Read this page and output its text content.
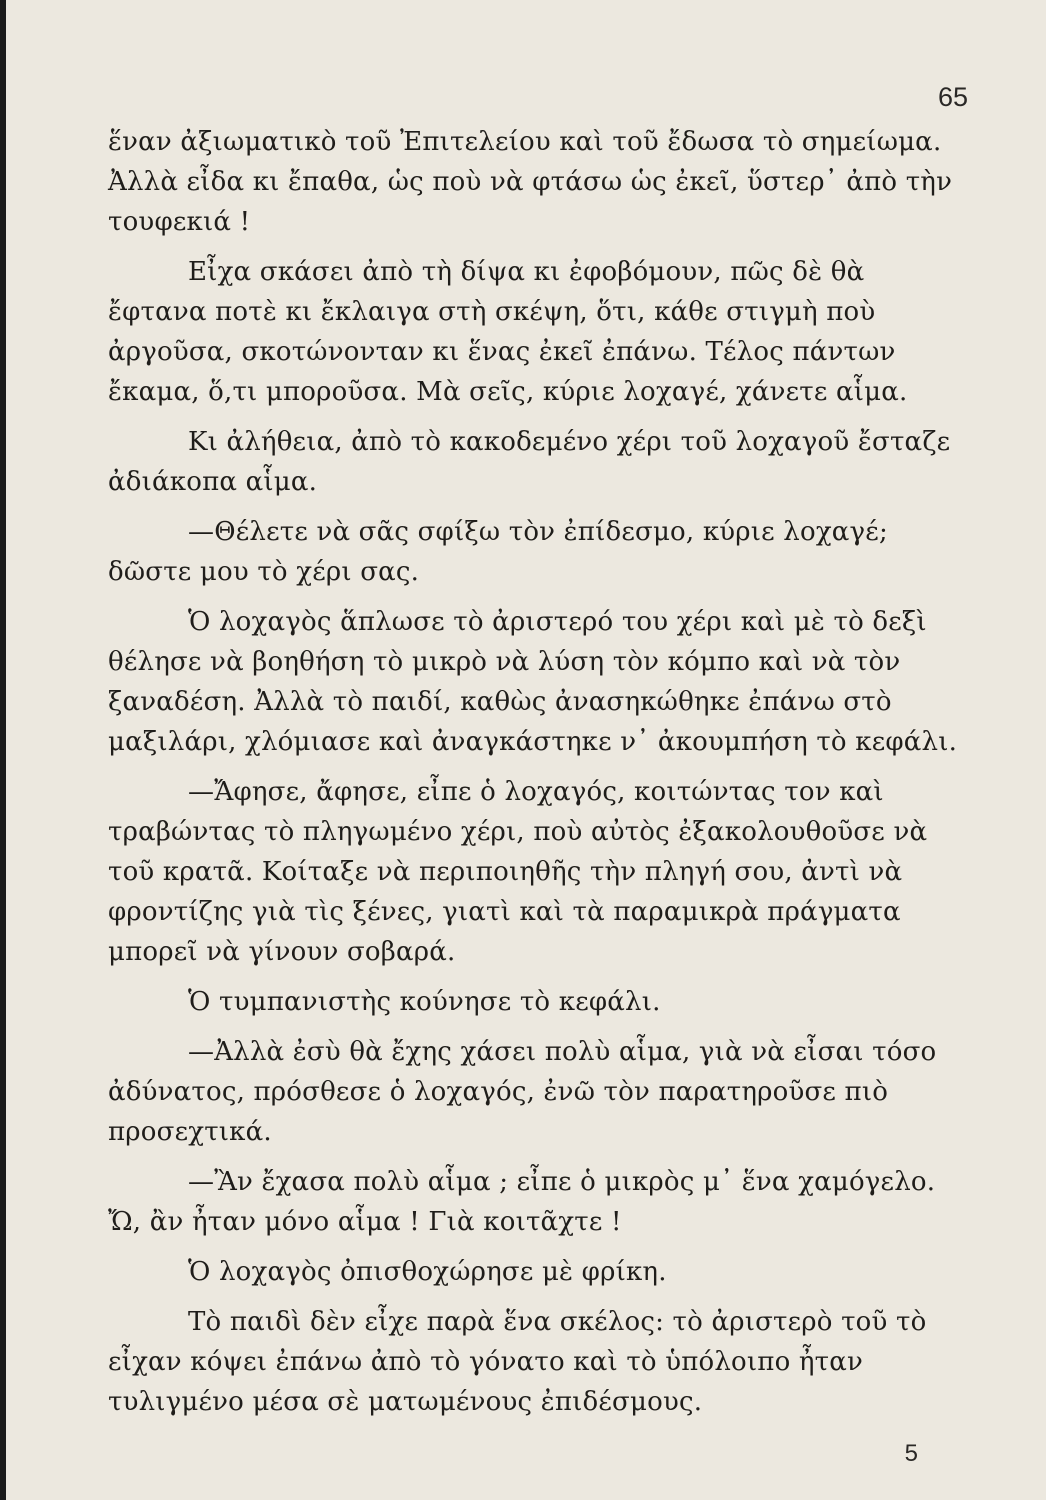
65

ἕναν ἀξιωματικὸ τοῦ Ἐπιτελείου καὶ τοῦ ἔδωσα τὸ σημείωμα. Ἀλλὰ εἶδα κι ἔπαθα, ὡς ποὺ νὰ φτάσω ὡς ἐκεῖ, ὕστερ᾽ ἀπὸ τὴν τουφεκιά !

Εἶχα σκάσει ἀπὸ τὴ δίψα κι ἐφοβόμουν, πῶς δὲ θὰ ἔφτανα ποτὲ κι ἔκλαιγα στὴ σκέψη, ὅτι, κάθε στιγμὴ ποὺ ἀργοῦσα, σκοτώνονταν κι ἕνας ἐκεῖ ἐπάνω. Τέλος πάντων ἔκαμα, ὅ,τι μποροῦσα. Μὰ σεῖς, κύριε λοχαγέ, χάνετε αἷμα.

Κι ἀλήθεια, ἀπὸ τὸ κακοδεμένο χέρι τοῦ λοχαγοῦ ἔσταζε ἀδιάκοπα αἷμα.

—Θέλετε νὰ σᾶς σφίξω τὸν ἐπίδεσμο, κύριε λοχαγέ; δῶστε μου τὸ χέρι σας.

Ὁ λοχαγὸς ἅπλωσε τὸ ἀριστερό του χέρι καὶ μὲ τὸ δεξὶ θέλησε νὰ βοηθήση τὸ μικρὸ νὰ λύση τὸν κόμπο καὶ νὰ τὸν ξαναδέση. Ἀλλὰ τὸ παιδί, καθὼς ἀνασηκώθηκε ἐπάνω στὸ μαξιλάρι, χλόμιασε καὶ ἀναγκάστηκε ν᾽ ἀκουμπήση τὸ κεφάλι.

—Ἄφησε, ἄφησε, εἶπε ὁ λοχαγός, κοιτώντας τον καὶ τραβώντας τὸ πληγωμένο χέρι, ποὺ αὐτὸς ἐξακολουθοῦσε νὰ τοῦ κρατᾶ. Κοίταξε νὰ περιποιηθῆς τὴν πληγή σου, ἀντὶ νὰ φροντίζης γιὰ τὶς ξένες, γιατὶ καὶ τὰ παραμικρὰ πράγματα μπορεῖ νὰ γίνουν σοβαρά.

Ὁ τυμπανιστὴς κούνησε τὸ κεφάλι.

—Ἀλλὰ ἐσὺ θὰ ἔχης χάσει πολὺ αἷμα, γιὰ νὰ εἶσαι τόσο ἀδύνατος, πρόσθεσε ὁ λοχαγός, ἐνῶ τὸν παρατηροῦσε πιὸ προσεχτικά.

—Ἂν ἔχασα πολὺ αἷμα ; εἶπε ὁ μικρὸς μ᾽ ἕνα χαμόγελο. Ὤ, ἂν ἦταν μόνο αἷμα ! Γιὰ κοιτᾶχτε !

Ὁ λοχαγὸς ὀπισθοχώρησε μὲ φρίκη.

Τὸ παιδὶ δὲν εἶχε παρὰ ἕνα σκέλος: τὸ ἀριστερὸ τοῦ τὸ εἶχαν κόψει ἐπάνω ἀπὸ τὸ γόνατο καὶ τὸ ὑπόλοιπο ἦταν τυλιγμένο μέσα σὲ ματωμένους ἐπιδέσμους.

5
